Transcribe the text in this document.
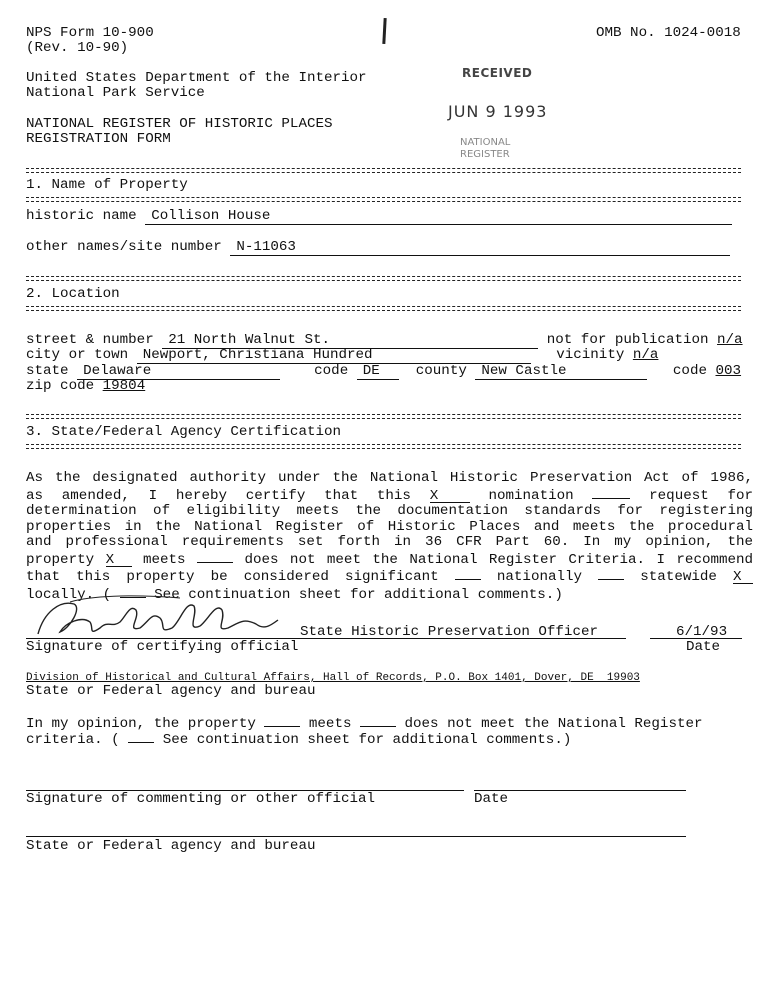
NPS Form 10-900
(Rev. 10-90)
OMB No. 1024-0018
United States Department of the Interior
National Park Service
NATIONAL REGISTER OF HISTORIC PLACES
REGISTRATION FORM
RECEIVED
JUN 9 1993
NATIONAL
REGISTER
1. Name of Property
historic name Collison House
other names/site number N-11063
2. Location
street & number 21 North Walnut St.	not for publication n/a
city or town Newport, Christiana Hundred	vicinity n/a
state Delaware	code DE	county New Castle	code 003
zip code 19804
3. State/Federal Agency Certification
As the designated authority under the National Historic Preservation Act of 1986,
as amended, I hereby certify that this X	nomination	request for
determination of eligibility meets the documentation standards for registering
properties in the National Register of Historic Places and meets the procedural
and professional requirements set forth in 36 CFR Part 60. In my opinion, the
property X meets	does not meet the National Register Criteria. I recommend
that this property be considered significant	nationally	statewide X
locally. (	See continuation sheet for additional comments.)
State Historic Preservation Officer	6/1/93
Signature of certifying official	Date
Division of Historical and Cultural Affairs, Hall of Records, P.O. Box 1401, Dover, DE  19903
State or Federal agency and bureau
In my opinion, the property	meets	does not meet the National Register
criteria. (	See continuation sheet for additional comments.)
Signature of commenting or other official	Date
State or Federal agency and bureau
